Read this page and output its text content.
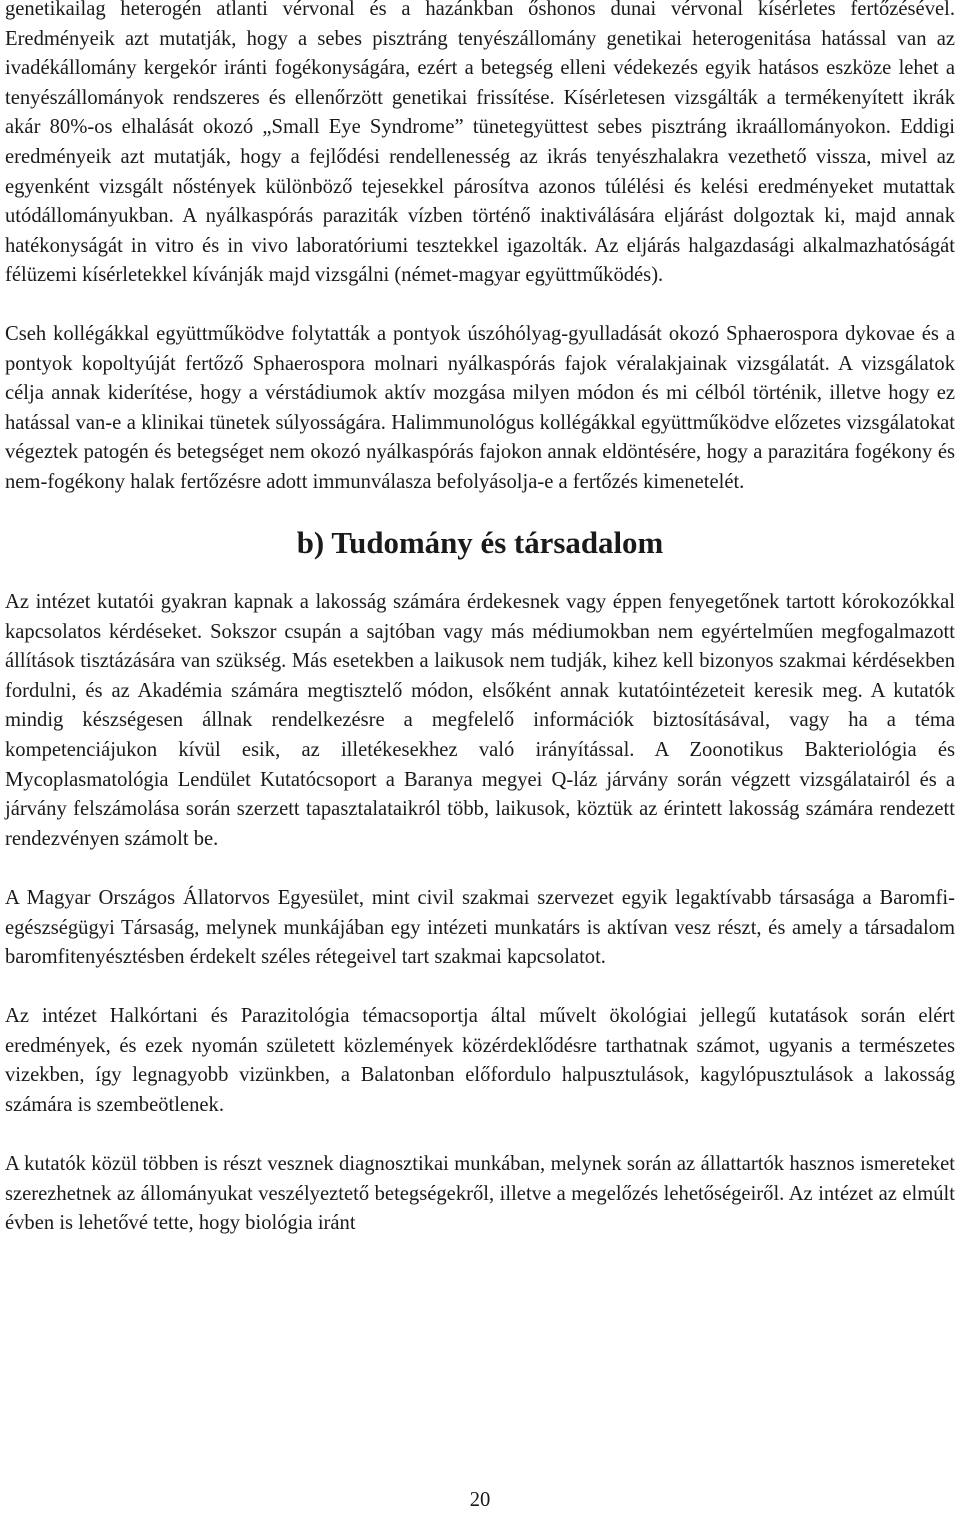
genetikailag heterogén atlanti vérvonal és a hazánkban őshonos dunai vérvonal kísérletes fertőzésével. Eredményeik azt mutatják, hogy a sebes pisztráng tenyészállomány genetikai heterogenitása hatással van az ivadékállomány kergekór iránti fogékonyságára, ezért a betegség elleni védekezés egyik hatásos eszköze lehet a tenyészállományok rendszeres és ellenőrzött genetikai frissítése. Kísérletesen vizsgálták a termékenyített ikrák akár 80%-os elhalását okozó „Small Eye Syndrome” tünetegyüttest sebes pisztráng ikraállományokon. Eddigi eredményeik azt mutatják, hogy a fejlődési rendellenesség az ikrás tenyészhalakra vezethető vissza, mivel az egyenként vizsgált nőstények különböző tejesekkel párosítva azonos túlélési és kelési eredményeket mutattak utódállományukban. A nyálkaspórás paraziták vízben történő inaktiválására eljárást dolgoztak ki, majd annak hatékonyságát in vitro és in vivo laboratóriumi tesztekkel igazolták. Az eljárás halgazdasági alkalmazhatóságát félüzemi kísérletekkel kívánják majd vizsgálni (német-magyar együttműködés).

Cseh kollégákkal együttműködve folytatták a pontyok úszóhólyag-gyulladását okozó Sphaerospora dykovae és a pontyok kopoltyúját fertőző Sphaerospora molnari nyálkaspórás fajok véralakjainak vizsgálatát. A vizsgálatok célja annak kiderítése, hogy a vérstádiumok aktív mozgása milyen módon és mi célból történik, illetve hogy ez hatással van-e a klinikai tünetek súlyosságára. Halimmunológus kollégákkal együttműködve előzetes vizsgálatokat végeztek patogén és betegséget nem okozó nyálkaspórás fajokon annak eldöntésére, hogy a parazitára fogékony és nem-fogékony halak fertőzésre adott immunválasza befolyásolja-e a fertőzés kimenetelét.

b) Tudomány és társadalom

Az intézet kutatói gyakran kapnak a lakosság számára érdekesnek vagy éppen fenyegetőnek tartott kórokozókkal kapcsolatos kérdéseket. Sokszor csupán a sajtóban vagy más médiumokban nem egyértelműen megfogalmazott állítások tisztázására van szükség. Más esetekben a laikusok nem tudják, kihez kell bizonyos szakmai kérdésekben fordulni, és az Akadémia számára megtisztelő módon, elsőként annak kutatóintézeteit keresik meg. A kutatók mindig készségesen állnak rendelkezésre a megfelelő információk biztosításával, vagy ha a téma kompetenciájukon kívül esik, az illetékesekhez való irányítással. A Zoonotikus Bakteriológia és Mycoplasmatológia Lendület Kutatócsoport a Baranya megyei Q-láz járvány során végzett vizsgálatairól és a járvány felszámolása során szerzett tapasztalataikról több, laikusok, köztük az érintett lakosság számára rendezett rendezvényen számolt be.

A Magyar Országos Állatorvos Egyesület, mint civil szakmai szervezet egyik legaktívabb társasága a Baromfi-egészségügyi Társaság, melynek munkájában egy intézeti munkatárs is aktívan vesz részt, és amely a társadalom baromfitenyésztésben érdekelt széles rétegeivel tart szakmai kapcsolatot.

Az intézet Halkórtani és Parazitológia témacsoportja által művelt ökológiai jellegű kutatások során elért eredmények, és ezek nyomán született közlemények közérdeklődésre tarthatnak számot, ugyanis a természetes vizekben, így legnagyobb vizünkben, a Balatonban előfordulo halpusztulások, kagylópusztulások a lakosság számára is szembeötlenek.

A kutatók közül többen is részt vesznek diagnosztikai munkában, melynek során az állattartók hasznos ismereteket szerezhetnek az állományukat veszélyeztető betegségekről, illetve a megelőzés lehetőségeiről. Az intézet az elmúlt évben is lehetővé tette, hogy biológia iránt

20
